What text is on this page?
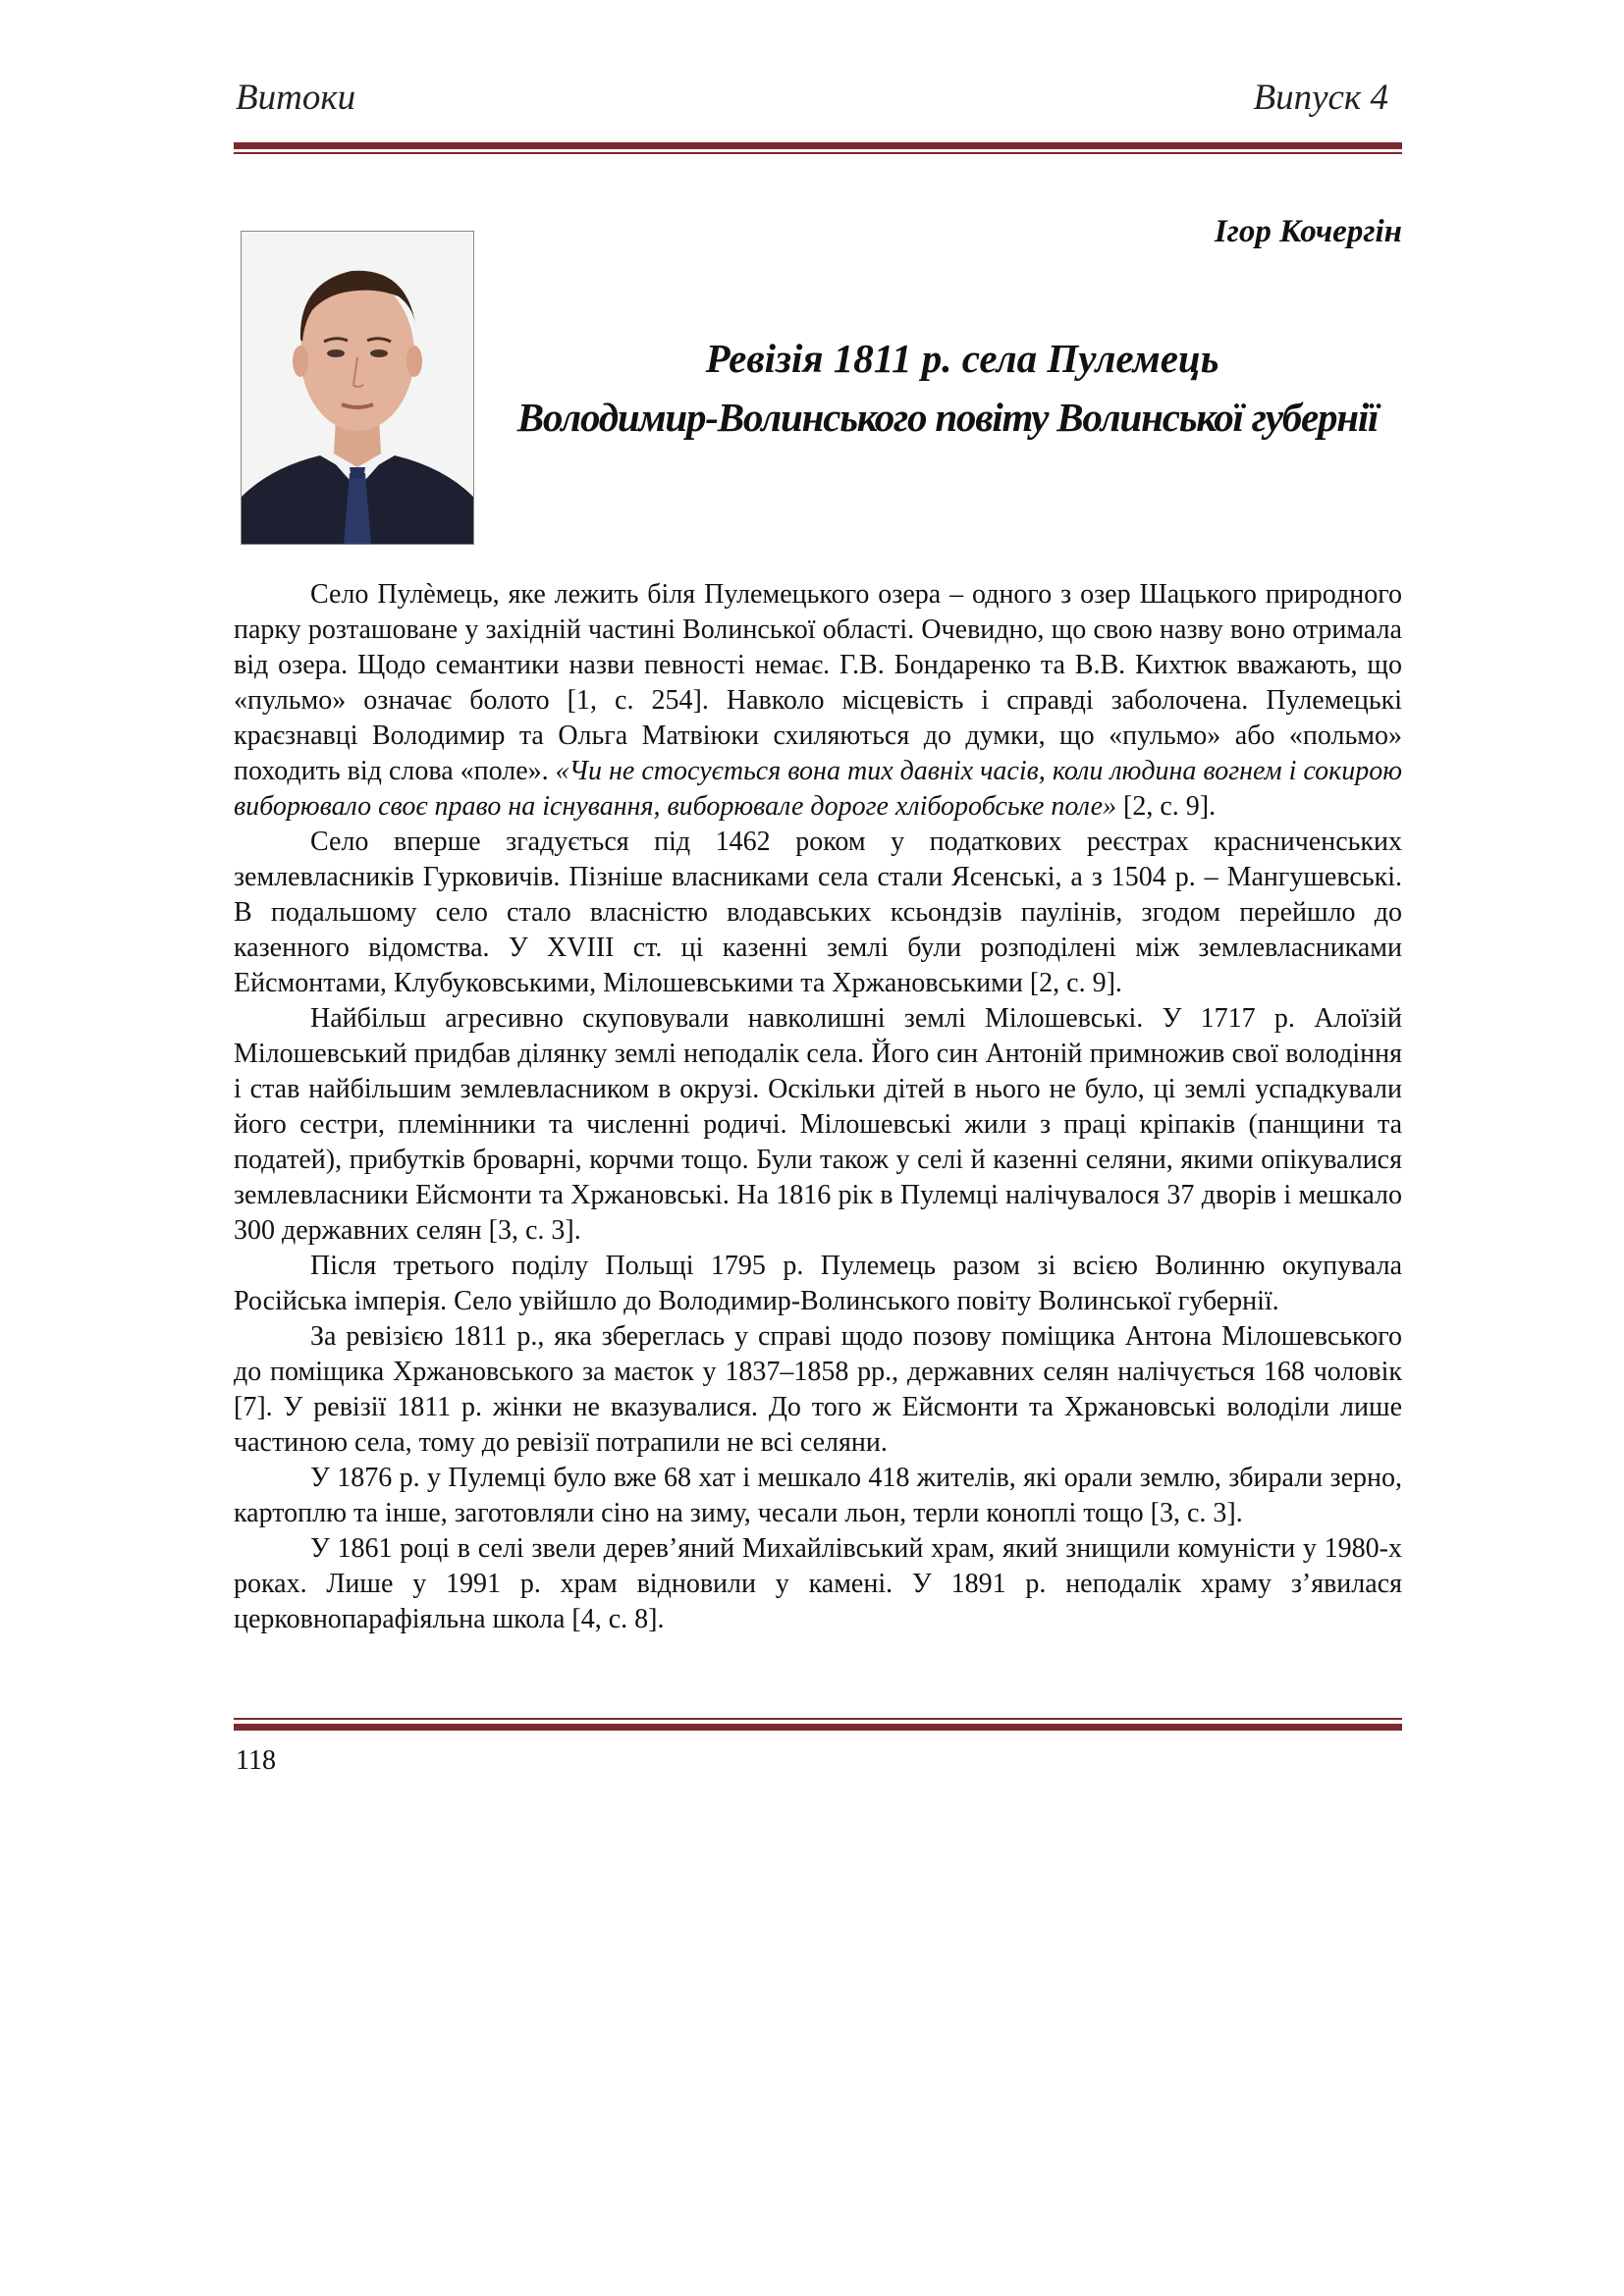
Витоки	Випуск 4
Ігор Кочергін
Ревізія 1811 р. села Пулемець
Володимир-Волинського повіту Волинської губернії

Село Пулѐмець, яке лежить біля Пулемецького озера – одного з озер Шацького природного парку розташоване у західній частині Волинської області. Очевидно, що свою назву воно отримала від озера. Щодо семантики назви певності немає. Г.В. Бондаренко та В.В. Кихтюк вважають, що «пульмо» означає болото [1, с. 254]. Навколо місцевість і справді заболочена. Пулемецькі краєзнавці Володимир та Ольга Матвіюки схиляються до думки, що «пульмо» або «польмо» походить від слова «поле». «Чи не стосується вона тих давніх часів, коли людина вогнем і сокирою виборювало своє право на існування, виборювале дороге хліборобське поле» [2, с. 9].

Село вперше згадується під 1462 роком у податкових реєстрах красниченських землевласників Гурковичів. Пізніше власниками села стали Ясенські, а з 1504 р. – Мангушевські. В подальшому село стало власністю влодавських ксьондзів паулінів, згодом перейшло до казенного відомства. У XVIII ст. ці казенні землі були розподілені між землевласниками Ейсмонтами, Клубуковськими, Мілошевськими та Хржановськими [2, с. 9].

Найбільш агресивно скуповували навколишні землі Мілошевські. У 1717 р. Алоїзій Мілошевський придбав ділянку землі неподалік села. Його син Антоній примножив свої володіння і став найбільшим землевласником в окрузі. Оскільки дітей в нього не було, ці землі успадкували його сестри, племінники та численні родичі. Мілошевські жили з праці кріпаків (панщини та податей), прибутків броварні, корчми тощо. Були також у селі й казенні селяни, якими опікувалися землевласники Ейсмонти та Хржановські. На 1816 рік в Пулемці налічувалося 37 дворів і мешкало 300 державних селян [3, с. 3].

Після третього поділу Польщі 1795 р. Пулемець разом зі всією Волинню окупувала Російська імперія. Село увійшло до Володимир-Волинського повіту Волинської губернії.

За ревізією 1811 р., яка збереглась у справі щодо позову поміщика Антона Мілошевського до поміщика Хржановського за маєток у 1837–1858 рр., державних селян налічується 168 чоловік [7]. У ревізії 1811 р. жінки не вказувалися. До того ж Ейсмонти та Хржановські володіли лише частиною села, тому до ревізії потрапили не всі селяни.

У 1876 р. у Пулемці було вже 68 хат і мешкало 418 жителів, які орали землю, збирали зерно, картоплю та інше, заготовляли сіно на зиму, чесали льон, терли коноплі тощо [3, с. 3].

У 1861 році в селі звели дерев’яний Михайлівський храм, який знищили комуністи у 1980-х роках. Лише у 1991 р. храм відновили у камені. У 1891 р. неподалік храму з’явилася церковнопарафіяльна школа [4, с. 8].

118
